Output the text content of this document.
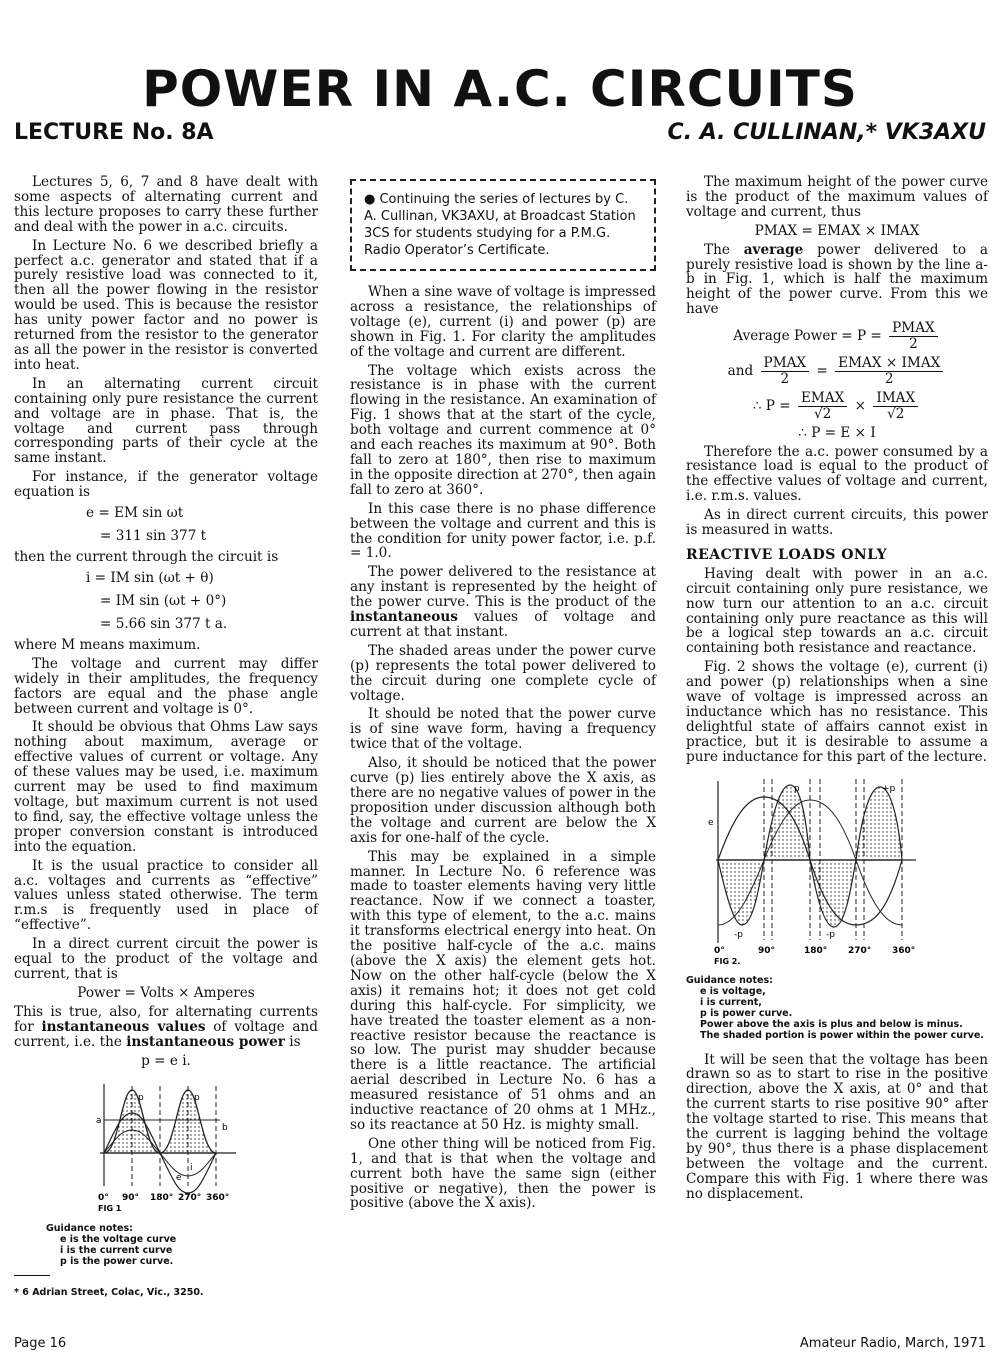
POWER IN A.C. CIRCUITS
LECTURE No. 8A	C. A. CULLINAN,* VK3AXU

Lectures 5, 6, 7 and 8 have dealt with some aspects of alternating current and this lecture proposes to carry these further and deal with the power in a.c. circuits.

In Lecture No. 6 we described briefly a perfect a.c. generator and stated that if a purely resistive load was connected to it, then all the power flowing in the resistor would be used. This is because the resistor has unity power factor and no power is returned from the resistor to the generator as all the power in the resistor is converted into heat.

In an alternating current circuit containing only pure resistance the current and voltage are in phase. That is, the voltage and current pass through corresponding parts of their cycle at the same instant.

For instance, if the generator voltage equation is

e = EM sin ωt
= 311 sin 377 t

then the current through the circuit is

i = IM sin (ωt + θ)
= IM sin (ωt + 0°)
= 5.66 sin 377 t a.

where M means maximum.

The voltage and current may differ widely in their amplitudes, the frequency factors are equal and the phase angle between current and voltage is 0°.

It should be obvious that Ohms Law says nothing about maximum, average or effective values of current or voltage. Any of these values may be used, i.e. maximum current may be used to find maximum voltage, but maximum current is not used to find, say, the effective voltage unless the proper conversion constant is introduced into the equation.

It is the usual practice to consider all a.c. voltages and currents as “effective” values unless stated otherwise. The term r.m.s is frequently used in place of “effective”.

In a direct current circuit the power is equal to the product of the voltage and current, that is

Power = Volts × Amperes

This is true, also, for alternating currents for instantaneous values of voltage and current, i.e. the instantaneous power is

p = e i.
p	p
a
b
e
i
0° 90° 180° 270° 360°
FIG 1
Guidance notes:
e is the voltage curve
i is the current curve
p is the power curve.
* 6 Adrian Street, Colac, Vic., 3250.
● Continuing the series of lectures by C. A. Cullinan, VK3AXU, at Broadcast Station 3CS for students studying for a P.M.G. Radio Operator’s Certificate.

When a sine wave of voltage is impressed across a resistance, the relationships of voltage (e), current (i) and power (p) are shown in Fig. 1. For clarity the amplitudes of the voltage and current are different.

The voltage which exists across the resistance is in phase with the current flowing in the resistance. An examination of Fig. 1 shows that at the start of the cycle, both voltage and current commence at 0° and each reaches its maximum at 90°. Both fall to zero at 180°, then rise to maximum in the opposite direction at 270°, then again fall to zero at 360°.

In this case there is no phase difference between the voltage and current and this is the condition for unity power factor, i.e. p.f. = 1.0.

The power delivered to the resistance at any instant is represented by the height of the power curve. This is the product of the instantaneous values of voltage and current at that instant.

The shaded areas under the power curve (p) represents the total power delivered to the circuit during one complete cycle of voltage.

It should be noted that the power curve is of sine wave form, having a frequency twice that of the voltage.

Also, it should be noticed that the power curve (p) lies entirely above the X axis, as there are no negative values of power in the proposition under discussion although both the voltage and current are below the X axis for one-half of the cycle.

This may be explained in a simple manner. In Lecture No. 6 reference was made to toaster elements having very little reactance. Now if we connect a toaster, with this type of element, to the a.c. mains it transforms electrical energy into heat. On the positive half-cycle of the a.c. mains (above the X axis) the element gets hot. Now on the other half-cycle (below the X axis) it remains hot; it does not get cold during this half-cycle. For simplicity, we have treated the toaster element as a non-reactive resistor because the reactance is so low. The purist may shudder because there is a little reactance. The artificial aerial described in Lecture No. 6 has a measured resistance of 51 ohms and an inductive reactance of 20 ohms at 1 MHz., so its reactance at 50 Hz. is mighty small.

One other thing will be noticed from Fig. 1, and that is that when the voltage and current both have the same sign (either positive or negative), then the power is positive (above the X axis).

The maximum height of the power curve is the product of the maximum values of voltage and current, thus

PMAX = EMAX × IMAX

The average power delivered to a purely resistive load is shown by the line a-b in Fig. 1, which is half the maximum height of the power curve. From this we have

Average Power = $P = \frac{\text{PMAX}}{2}$
and $\frac{\text{PMAX}}{2} = \frac{\text{EMAX × IMAX}}{2}$
∴ $P = \frac{\text{EMAX}}{√2} \times \frac{\text{IMAX}}{√2}$
∴ P = E × I

Therefore the a.c. power consumed by a resistance load is equal to the product of the effective values of voltage and current, i.e. r.m.s. values.

As in direct current circuits, this power is measured in watts.

REACTIVE LOADS ONLY

Having dealt with power in an a.c. circuit containing only pure resistance, we now turn our attention to an a.c. circuit containing only pure reactance as this will be a logical step towards an a.c. circuit containing both resistance and reactance.

Fig. 2 shows the voltage (e), current (i) and power (p) relationships when a sine wave of voltage is impressed across an inductance which has no resistance. This delightful state of affairs cannot exist in practice, but it is desirable to assume a pure inductance for this part of the lecture.

e
p	+p
-p	-p
0°	90°	180° 270° 360°
FIG 2.
Guidance notes:
e is voltage,
i is current,
p is power curve.
Power above the axis is plus and below is minus.
The shaded portion is power within the power curve.

It will be seen that the voltage has been drawn so as to start to rise in the positive direction, above the X axis, at 0° and that the current starts to rise positive 90° after the voltage started to rise. This means that the current is lagging behind the voltage by 90°, thus there is a phase displacement between the voltage and the current. Compare this with Fig. 1 where there was no displacement.

Page 16	Amateur Radio, March, 1971
